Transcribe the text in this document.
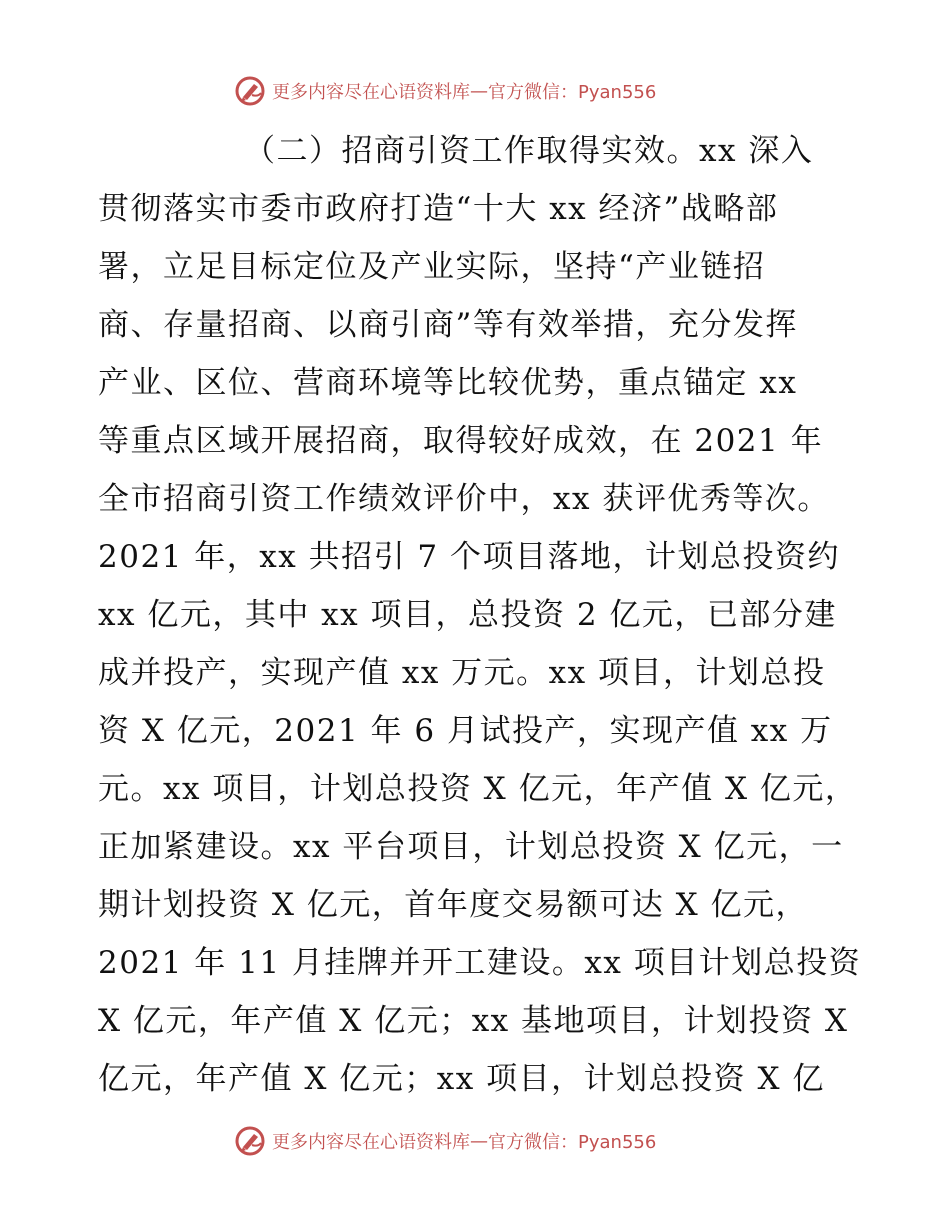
更多内容尽在心语资料库 — 官方微信：Pyan556
（二）招商引资工作取得实效。xx 深入
贯彻落实市委市政府打造“十大 xx 经济”战略部
署，立足目标定位及产业实际，坚持“产业链招
商、存量招商、以商引商”等有效举措，充分发挥
产业、区位、营商环境等比较优势，重点锚定 xx
等重点区域开展招商，取得较好成效，在 2021 年
全市招商引资工作绩效评价中，xx 获评优秀等次。
2021 年，xx 共招引 7 个项目落地，计划总投资约
xx 亿元，其中 xx 项目，总投资 2 亿元，已部分建
成并投产，实现产值 xx 万元。xx 项目，计划总投
资 X 亿元，2021 年 6 月试投产，实现产值 xx 万
元。xx 项目，计划总投资 X 亿元，年产值 X 亿元，
正加紧建设。xx 平台项目，计划总投资 X 亿元，一
期计划投资 X 亿元，首年度交易额可达 X 亿元，
2021 年 11 月挂牌并开工建设。xx 项目计划总投资
X 亿元，年产值 X 亿元；xx 基地项目，计划投资 X
亿元，年产值 X 亿元；xx 项目，计划总投资 X 亿
更多内容尽在心语资料库 — 官方微信：Pyan556
